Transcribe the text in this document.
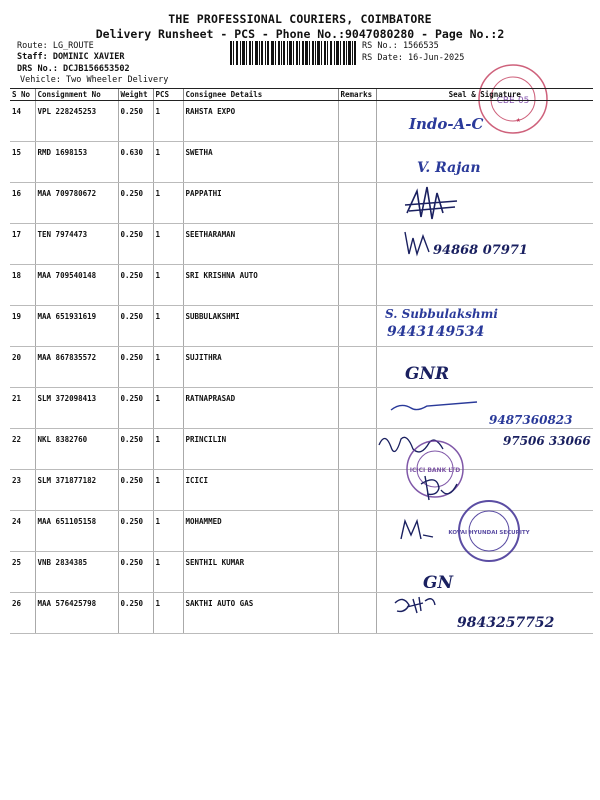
THE PROFESSIONAL COURIERS, COIMBATORE
Delivery Runsheet - PCS - Phone No.:9047080280 - Page No.:2
Route: LG_ROUTE
Staff: DOMINIC XAVIER
DRS No.: DCJB156653502
Vehicle: Two Wheeler Delivery
RS No.: 1566535
RS Date: 16-Jun-2025
CBE-05
★
S No	Consignment No	Weight	PCS	Consignee Details	Remarks	Seal & Signature
14	VPL 228245253	0.250	1	RAHSTA EXPO		Indo-A-C

15	RMD 1698153	0.630	1	SWETHA		V. Rajan

16	MAA 709780672	0.250	1	PAPPATHI		

17	TEN 7974473	0.250	1	SEETHARAMAN		94868 07971

18	MAA 709540148	0.250	1	SRI KRISHNA AUTO		
19	MAA 651931619	0.250	1	SUBBULAKSHMI		S. Subbulakshmi
9443149534

20	MAA 867835572	0.250	1	SUJITHRA		GNR

21	SLM 372098413	0.250	1	RATNAPRASAD		9487360823

22	NKL 8382760	0.250	1	PRINCILIN		97506 33066
ICICI BANK LTD

23	SLM 371877182	0.250	1	ICICI		

24	MAA 651105158	0.250	1	MOHAMMED		KOVAI HYUNDAI SECURITY

25	VNB 2834385	0.250	1	SENTHIL KUMAR		GN

26	MAA 576425798	0.250	1	SAKTHI AUTO GAS		9843257752
